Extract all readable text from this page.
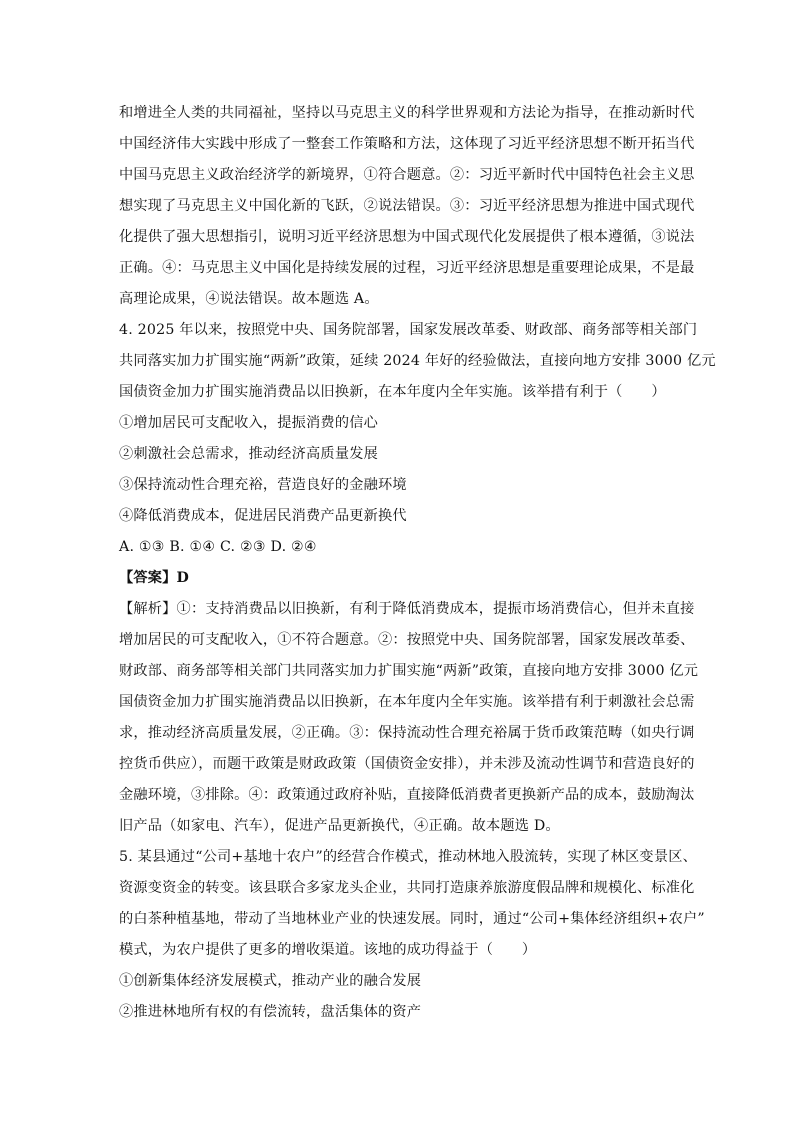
和增进全人类的共同福祉，坚持以马克思主义的科学世界观和方法论为指导，在推动新时代
中国经济伟大实践中形成了一整套工作策略和方法，这体现了习近平经济思想不断开拓当代
中国马克思主义政治经济学的新境界，①符合题意。②：习近平新时代中国特色社会主义思
想实现了马克思主义中国化新的飞跃，②说法错误。③：习近平经济思想为推进中国式现代
化提供了强大思想指引，说明习近平经济思想为中国式现代化发展提供了根本遵循，③说法
正确。④：马克思主义中国化是持续发展的过程，习近平经济思想是重要理论成果，不是最
高理论成果，④说法错误。故本题选 A。
4. 2025 年以来，按照党中央、国务院部署，国家发展改革委、财政部、商务部等相关部门
共同落实加力扩围实施“两新”政策，延续 2024 年好的经验做法，直接向地方安排 3000 亿元
国债资金加力扩围实施消费品以旧换新，在本年度内全年实施。该举措有利于（　　）
①增加居民可支配收入，提振消费的信心
②刺激社会总需求，推动经济高质量发展
③保持流动性合理充裕，营造良好的金融环境
④降低消费成本，促进居民消费产品更新换代
A. ①③ B. ①④ C. ②③ D. ②④
【答案】D
【解析】①：支持消费品以旧换新，有利于降低消费成本，提振市场消费信心，但并未直接
增加居民的可支配收入，①不符合题意。②：按照党中央、国务院部署，国家发展改革委、
财政部、商务部等相关部门共同落实加力扩围实施“两新”政策，直接向地方安排 3000 亿元
国债资金加力扩围实施消费品以旧换新，在本年度内全年实施。该举措有利于刺激社会总需
求，推动经济高质量发展，②正确。③：保持流动性合理充裕属于货币政策范畴（如央行调
控货币供应），而题干政策是财政政策（国债资金安排），并未涉及流动性调节和营造良好的
金融环境，③排除。④：政策通过政府补贴，直接降低消费者更换新产品的成本，鼓励淘汰
旧产品（如家电、汽车），促进产品更新换代，④正确。故本题选 D。
5. 某县通过“公司+基地十农户”的经营合作模式，推动林地入股流转，实现了林区变景区、
资源变资金的转变。该县联合多家龙头企业，共同打造康养旅游度假品牌和规模化、标准化
的白茶种植基地，带动了当地林业产业的快速发展。同时，通过“公司+集体经济组织+农户”
模式，为农户提供了更多的增收渠道。该地的成功得益于（　　）
①创新集体经济发展模式，推动产业的融合发展
②推进林地所有权的有偿流转，盘活集体的资产
